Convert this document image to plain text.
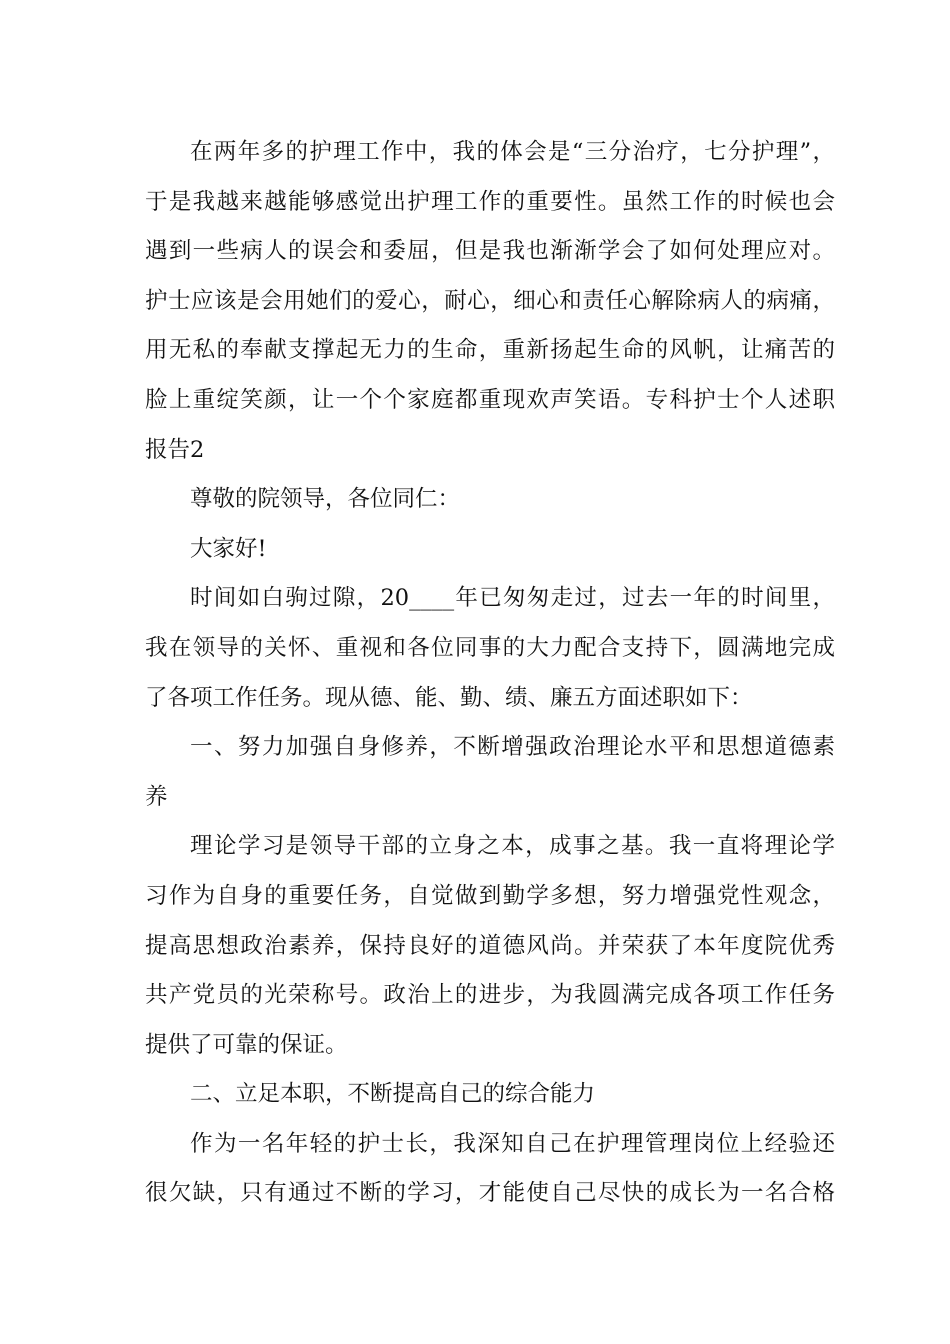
在两年多的护理工作中，我的体会是“三分治疗，七分护理”，
于是我越来越能够感觉出护理工作的重要性。虽然工作的时候也会
遇到一些病人的误会和委屈，但是我也渐渐学会了如何处理应对。
护士应该是会用她们的爱心，耐心，细心和责任心解除病人的病痛，
用无私的奉献支撑起无力的生命，重新扬起生命的风帆，让痛苦的
脸上重绽笑颜，让一个个家庭都重现欢声笑语。专科护士个人述职
报告2
尊敬的院领导，各位同仁：
大家好!
时间如白驹过隙，20____年已匆匆走过，过去一年的时间里，
我在领导的关怀、重视和各位同事的大力配合支持下，圆满地完成
了各项工作任务。现从德、能、勤、绩、廉五方面述职如下：
一、努力加强自身修养，不断增强政治理论水平和思想道德素
养
理论学习是领导干部的立身之本，成事之基。我一直将理论学
习作为自身的重要任务，自觉做到勤学多想，努力增强党性观念，
提高思想政治素养，保持良好的道德风尚。并荣获了本年度院优秀
共产党员的光荣称号。政治上的进步，为我圆满完成各项工作任务
提供了可靠的保证。
二、立足本职，不断提高自己的综合能力
作为一名年轻的护士长，我深知自己在护理管理岗位上经验还
很欠缺，只有通过不断的学习，才能使自己尽快的成长为一名合格
